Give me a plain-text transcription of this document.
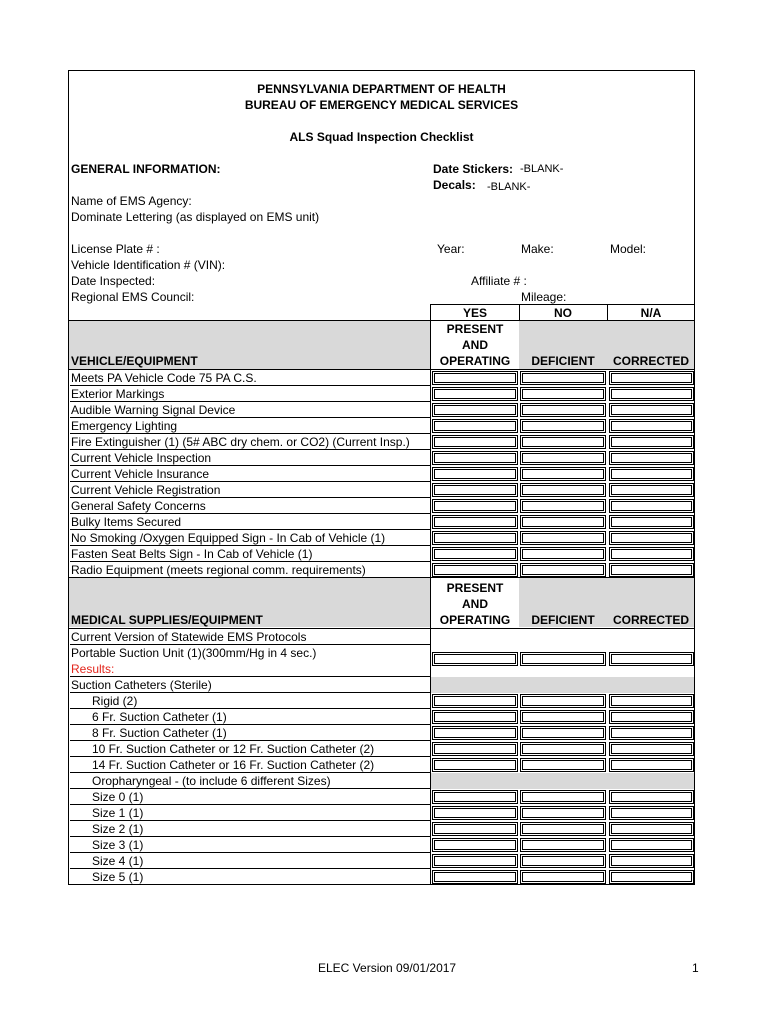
PENNSYLVANIA DEPARTMENT OF HEALTH
BUREAU OF EMERGENCY MEDICAL SERVICES
ALS Squad Inspection Checklist
GENERAL INFORMATION:	Date Stickers: -BLANK-
Decals: -BLANK-
Name of EMS Agency:
Dominate Lettering (as displayed on EMS unit)
License Plate # :	Year:	Make:	Model:
Vehicle Identification # (VIN):
Date Inspected:	Affiliate # :
Regional EMS Council:	Mileage:
YES	NO	N/A
VEHICLE/EQUIPMENT
PRESENT
AND
OPERATING	DEFICIENT	CORRECTED
Meets PA Vehicle Code 75 PA C.S.
Exterior Markings
Audible Warning Signal Device
Emergency Lighting
Fire Extinguisher (1) (5# ABC dry chem. or CO2) (Current Insp.)
Current Vehicle Inspection
Current Vehicle Insurance
Current Vehicle Registration
General Safety Concerns
Bulky Items Secured
No Smoking /Oxygen Equipped Sign - In Cab of Vehicle (1)
Fasten Seat Belts Sign - In Cab of Vehicle (1)
Radio Equipment (meets regional comm. requirements)
MEDICAL SUPPLIES/EQUIPMENT
PRESENT
AND
OPERATING	DEFICIENT	CORRECTED
Current Version of Statewide EMS Protocols
Portable Suction Unit (1)(300mm/Hg in 4 sec.)
Results:
Suction Catheters (Sterile)
Rigid (2)
6 Fr. Suction Catheter (1)
8 Fr. Suction Catheter (1)
10 Fr. Suction Catheter or 12 Fr. Suction Catheter (2)
14 Fr. Suction Catheter or 16 Fr. Suction Catheter (2)
Oropharyngeal - (to include 6 different Sizes)
Size 0 (1)
Size 1 (1)
Size 2 (1)
Size 3 (1)
Size 4 (1)
Size 5 (1)
ELEC Version 09/01/2017	1
